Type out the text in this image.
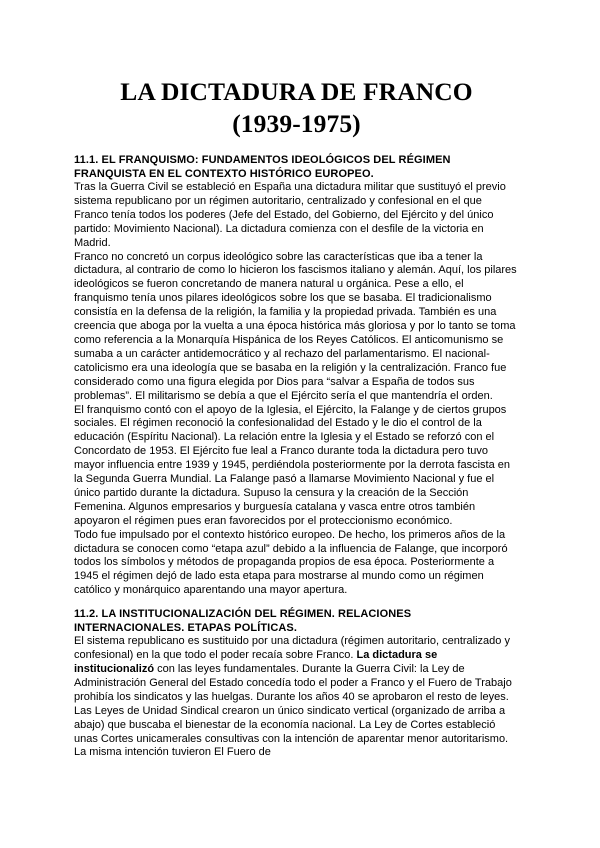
LA DICTADURA DE FRANCO
(1939-1975)

11.1. EL FRANQUISMO: FUNDAMENTOS IDEOLÓGICOS DEL RÉGIMEN FRANQUISTA EN EL CONTEXTO HISTÓRICO EUROPEO.

Tras la Guerra Civil se estableció en España una dictadura militar que sustituyó el previo sistema republicano por un régimen autoritario, centralizado y confesional en el que Franco tenía todos los poderes (Jefe del Estado, del Gobierno, del Ejército y del único partido: Movimiento Nacional). La dictadura comienza con el desfile de la victoria en Madrid.

Franco no concretó un corpus ideológico sobre las características que iba a tener la dictadura, al contrario de como lo hicieron los fascismos italiano y alemán. Aquí, los pilares ideológicos se fueron concretando de manera natural u orgánica. Pese a ello, el franquismo tenía unos pilares ideológicos sobre los que se basaba. El tradicionalismo consistía en la defensa de la religión, la familia y la propiedad privada. También es una creencia que aboga por la vuelta a una época histórica más gloriosa y por lo tanto se toma como referencia a la Monarquía Hispánica de los Reyes Católicos. El anticomunismo se sumaba a un carácter antidemocrático y al rechazo del parlamentarismo. El nacional-catolicismo era una ideología que se basaba en la religión y la centralización. Franco fue considerado como una figura elegida por Dios para “salvar a España de todos sus problemas”. El militarismo se debía a que el Ejército sería el que mantendría el orden.

El franquismo contó con el apoyo de la Iglesia, el Ejército, la Falange y de ciertos grupos sociales. El régimen reconoció la confesionalidad del Estado y le dio el control de la educación (Espíritu Nacional). La relación entre la Iglesia y el Estado se reforzó con el Concordato de 1953. El Ejército fue leal a Franco durante toda la dictadura pero tuvo mayor influencia entre 1939 y 1945, perdiéndola posteriormente por la derrota fascista en la Segunda Guerra Mundial. La Falange pasó a llamarse Movimiento Nacional y fue el único partido durante la dictadura. Supuso la censura y la creación de la Sección Femenina. Algunos empresarios y burguesía catalana y vasca entre otros también apoyaron el régimen pues eran favorecidos por el proteccionismo económico.

Todo fue impulsado por el contexto histórico europeo. De hecho, los primeros años de la dictadura se conocen como “etapa azul” debido a la influencia de Falange, que incorporó todos los símbolos y métodos de propaganda propios de esa época. Posteriormente a 1945 el régimen dejó de lado esta etapa para mostrarse al mundo como un régimen católico y monárquico aparentando una mayor apertura.

11.2. LA INSTITUCIONALIZACIÓN DEL RÉGIMEN. RELACIONES INTERNACIONALES. ETAPAS POLÍTICAS.

El sistema republicano es sustituido por una dictadura (régimen autoritario, centralizado y confesional) en la que todo el poder recaía sobre Franco. La dictadura se institucionalizó con las leyes fundamentales. Durante la Guerra Civil: la Ley de Administración General del Estado concedía todo el poder a Franco y el Fuero de Trabajo prohibía los sindicatos y las huelgas. Durante los años 40 se aprobaron el resto de leyes. Las Leyes de Unidad Sindical crearon un único sindicato vertical (organizado de arriba a abajo) que buscaba el bienestar de la economía nacional. La Ley de Cortes estableció unas Cortes unicamerales consultivas con la intención de aparentar menor autoritarismo. La misma intención tuvieron El Fuero de
